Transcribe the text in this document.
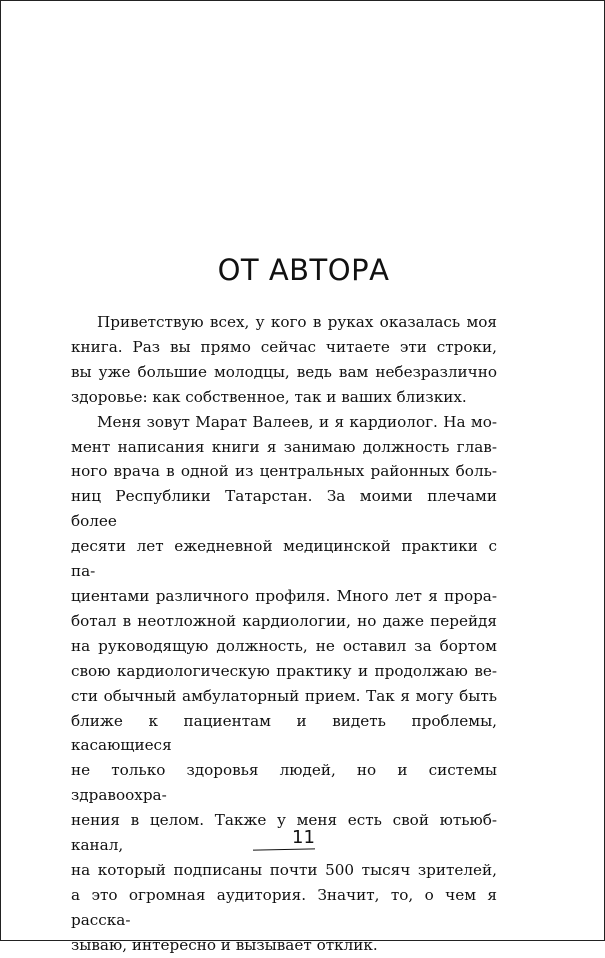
ОТ АВТОРА
Приветствую всех, у кого в руках оказалась моя
книга. Раз вы прямо сейчас читаете эти строки,
вы уже большие молодцы, ведь вам небезразлично
здоровье: как собственное, так и ваших близких.
Меня зовут Марат Валеев, и я кардиолог. На мо-
мент написания книги я занимаю должность глав-
ного врача в одной из центральных районных боль-
ниц Республики Татарстан. За моими плечами более
десяти лет ежедневной медицинской практики с па-
циентами различного профиля. Много лет я прора-
ботал в неотложной кардиологии, но даже перейдя
на руководящую должность, не оставил за бортом
свою кардиологическую практику и продолжаю ве-
сти обычный амбулаторный прием. Так я могу быть
ближе к пациентам и видеть проблемы, касающиеся
не только здоровья людей, но и системы здравоохра-
нения в целом. Также у меня есть свой ютьюб-канал,
на который подписаны почти 500 тысяч зрителей,
а это огромная аудитория. Значит, то, о чем я расска-
зываю, интересно и вызывает отклик.
11
